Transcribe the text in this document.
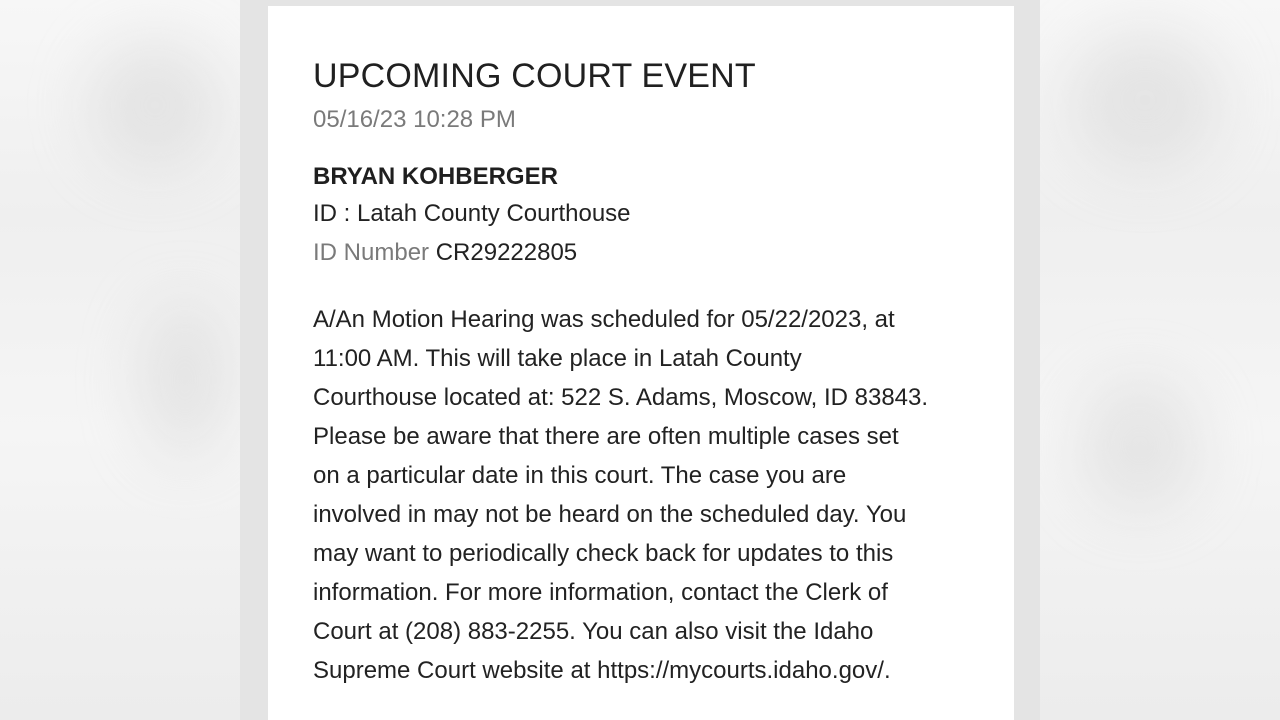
UPCOMING COURT EVENT
05/16/23 10:28 PM
BRYAN KOHBERGER
ID : Latah County Courthouse
ID Number CR29222805
A/An Motion Hearing was scheduled for 05/22/2023, at
11:00 AM. This will take place in Latah County
Courthouse located at: 522 S. Adams, Moscow, ID 83843.
Please be aware that there are often multiple cases set
on a particular date in this court. The case you are
involved in may not be heard on the scheduled day. You
may want to periodically check back for updates to this
information. For more information, contact the Clerk of
Court at (208) 883-2255. You can also visit the Idaho
Supreme Court website at https://mycourts.idaho.gov/.
